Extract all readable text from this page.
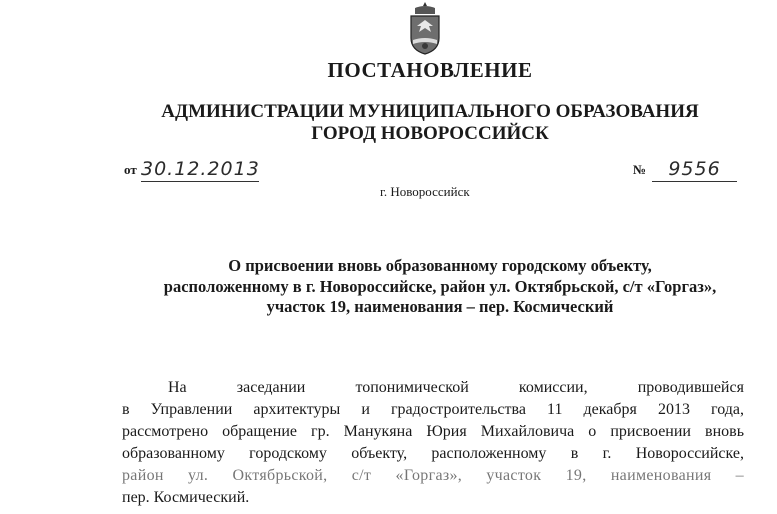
ПОСТАНОВЛЕНИЕ
АДМИНИСТРАЦИИ МУНИЦИПАЛЬНОГО ОБРАЗОВАНИЯ
ГОРОД НОВОРОССИЙСК
от 30.12.2013	№	9556
г. Новороссийск
О присвоении вновь образованному городскому объекту,
расположенному в г. Новороссийске, район ул. Октябрьской, с/т «Горгаз»,
участок 19, наименования – пер. Космический
На	заседании	топонимической	комиссии,	проводившейся
в Управлении архитектуры и градостроительства 11 декабря 2013 года,
рассмотрено обращение гр. Манукяна Юрия Михайловича о присвоении вновь
образованному городскому объекту, расположенному в г. Новороссийске,
район ул. Октябрьской, с/т «Горгаз», участок 19, наименования –
пер. Космический.
